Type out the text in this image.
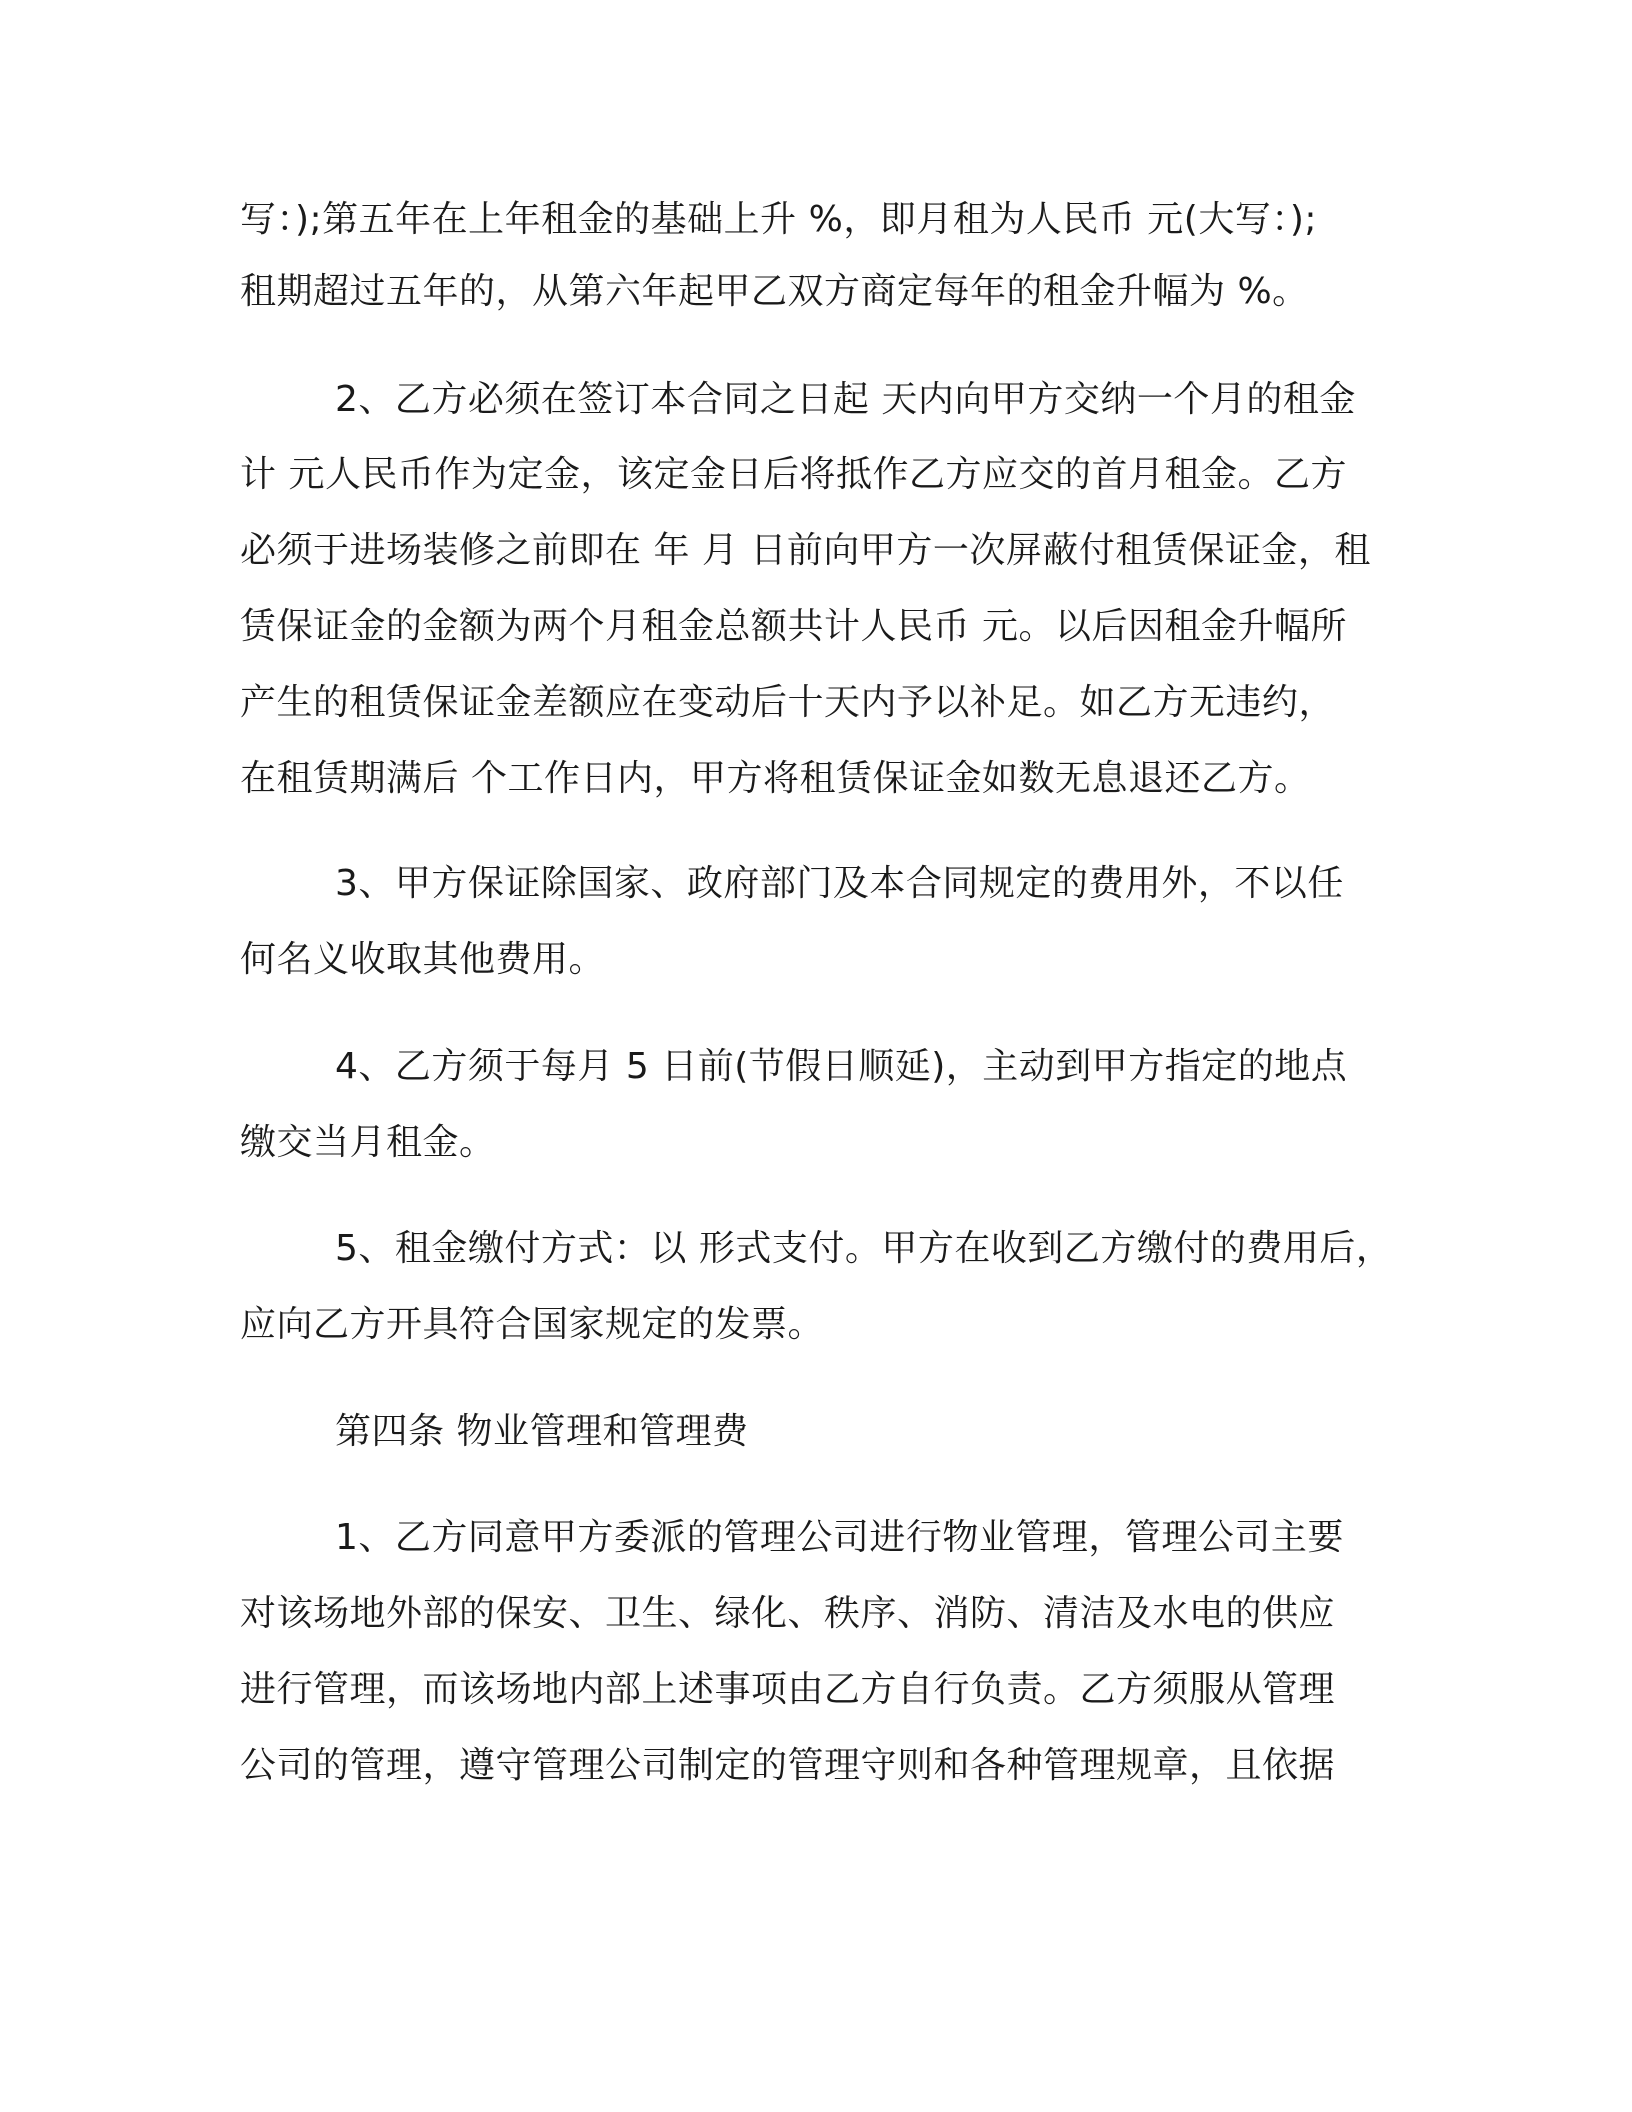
写：);第五年在上年租金的基础上升 %，即月租为人民币 元(大写：);
租期超过五年的，从第六年起甲乙双方商定每年的租金升幅为 %。
2、乙方必须在签订本合同之日起 天内向甲方交纳一个月的租金
计 元人民币作为定金，该定金日后将抵作乙方应交的首月租金。乙方
必须于进场装修之前即在 年 月 日前向甲方一次屏蔽付租赁保证金，租
赁保证金的金额为两个月租金总额共计人民币 元。以后因租金升幅所
产生的租赁保证金差额应在变动后十天内予以补足。如乙方无违约，
在租赁期满后 个工作日内，甲方将租赁保证金如数无息退还乙方。
3、甲方保证除国家、政府部门及本合同规定的费用外，不以任
何名义收取其他费用。
4、乙方须于每月 5 日前(节假日顺延)，主动到甲方指定的地点
缴交当月租金。
5、租金缴付方式：以 形式支付。甲方在收到乙方缴付的费用后，
应向乙方开具符合国家规定的发票。
第四条 物业管理和管理费
1、乙方同意甲方委派的管理公司进行物业管理，管理公司主要
对该场地外部的保安、卫生、绿化、秩序、消防、清洁及水电的供应
进行管理，而该场地内部上述事项由乙方自行负责。乙方须服从管理
公司的管理，遵守管理公司制定的管理守则和各种管理规章，且依据
